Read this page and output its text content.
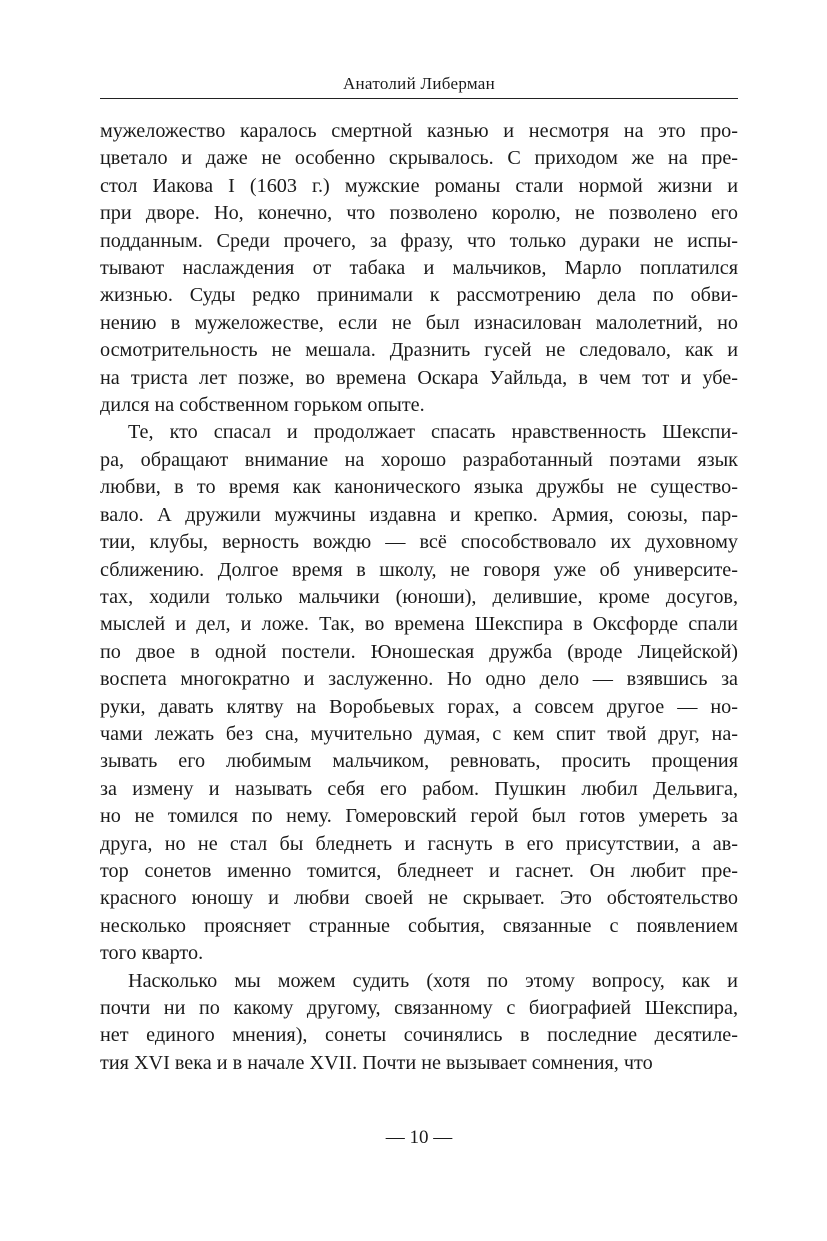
Анатолий Либерман
мужеложество каралось смертной казнью и несмотря на это про-
цветало и даже не особенно скрывалось. С приходом же на пре-
стол Иакова I (1603 г.) мужские романы стали нормой жизни и
при дворе. Но, конечно, что позволено королю, не позволено его
подданным. Среди прочего, за фразу, что только дураки не испы-
тывают наслаждения от табака и мальчиков, Марло поплатился
жизнью. Суды редко принимали к рассмотрению дела по обви-
нению в мужеложестве, если не был изнасилован малолетний, но
осмотрительность не мешала. Дразнить гусей не следовало, как и
на триста лет позже, во времена Оскара Уайльда, в чем тот и убе-
дился на собственном горьком опыте.
Те, кто спасал и продолжает спасать нравственность Шекспи-
ра, обращают внимание на хорошо разработанный поэтами язык
любви, в то время как канонического языка дружбы не существо-
вало. А дружили мужчины издавна и крепко. Армия, союзы, пар-
тии, клубы, верность вождю — всё способствовало их духовному
сближению. Долгое время в школу, не говоря уже об университе-
тах, ходили только мальчики (юноши), делившие, кроме досугов,
мыслей и дел, и ложе. Так, во времена Шекспира в Оксфорде спали
по двое в одной постели. Юношеская дружба (вроде Лицейской)
воспета многократно и заслуженно. Но одно дело — взявшись за
руки, давать клятву на Воробьевых горах, а совсем другое — но-
чами лежать без сна, мучительно думая, с кем спит твой друг, на-
зывать его любимым мальчиком, ревновать, просить прощения
за измену и называть себя его рабом. Пушкин любил Дельвига,
но не томился по нему. Гомеровский герой был готов умереть за
друга, но не стал бы бледнеть и гаснуть в его присутствии, а ав-
тор сонетов именно томится, бледнеет и гаснет. Он любит пре-
красного юношу и любви своей не скрывает. Это обстоятельство
несколько проясняет странные события, связанные с появлением
того кварто.
Насколько мы можем судить (хотя по этому вопросу, как и
почти ни по какому другому, связанному с биографией Шекспира,
нет единого мнения), сонеты сочинялись в последние десятиле-
тия XVI века и в начале XVII. Почти не вызывает сомнения, что
— 10 —
